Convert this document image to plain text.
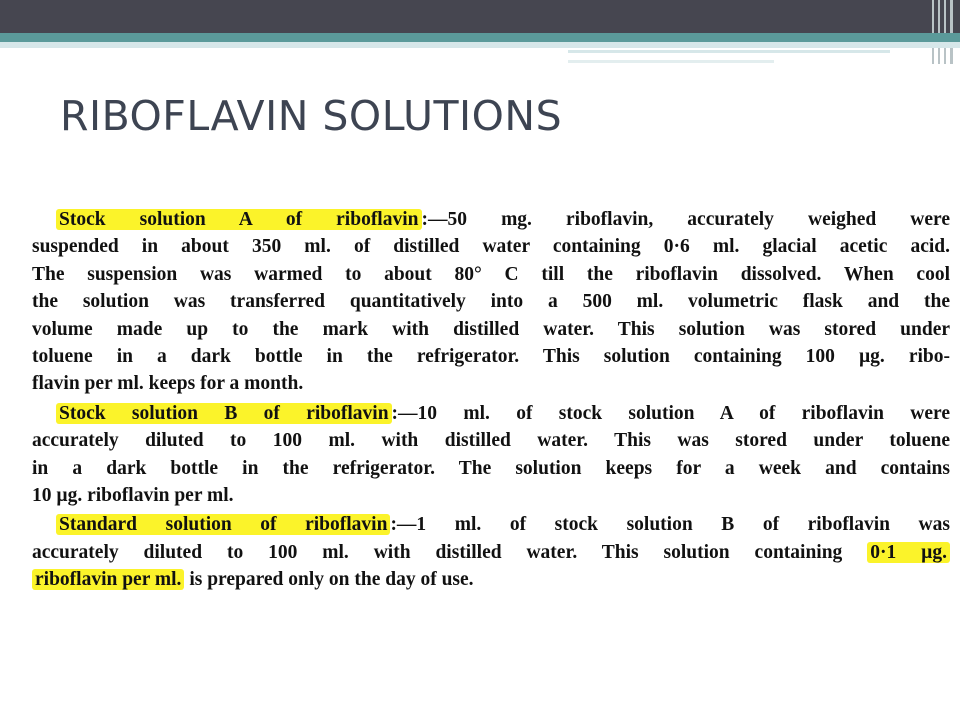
RIBOFLAVIN SOLUTIONS

Stock solution A of riboflavin :—50 mg. riboflavin, accurately weighed were
suspended in about 350 ml. of distilled water containing 0·6 ml. glacial acetic acid.
The suspension was warmed to about 80° C till the riboflavin dissolved. When cool
the solution was transferred quantitatively into a 500 ml. volumetric flask and the
volume made up to the mark with distilled water. This solution was stored under
toluene in a dark bottle in the refrigerator. This solution containing 100 µg. ribo-
flavin per ml. keeps for a month.

Stock solution B of riboflavin :—10 ml. of stock solution A of riboflavin were
accurately diluted to 100 ml. with distilled water. This was stored under toluene
in a dark bottle in the refrigerator. The solution keeps for a week and contains
10 µg. riboflavin per ml.

Standard solution of riboflavin :—1 ml. of stock solution B of riboflavin was
accurately diluted to 100 ml. with distilled water. This solution containing 0·1 µg.
riboflavin per ml. is prepared only on the day of use.
